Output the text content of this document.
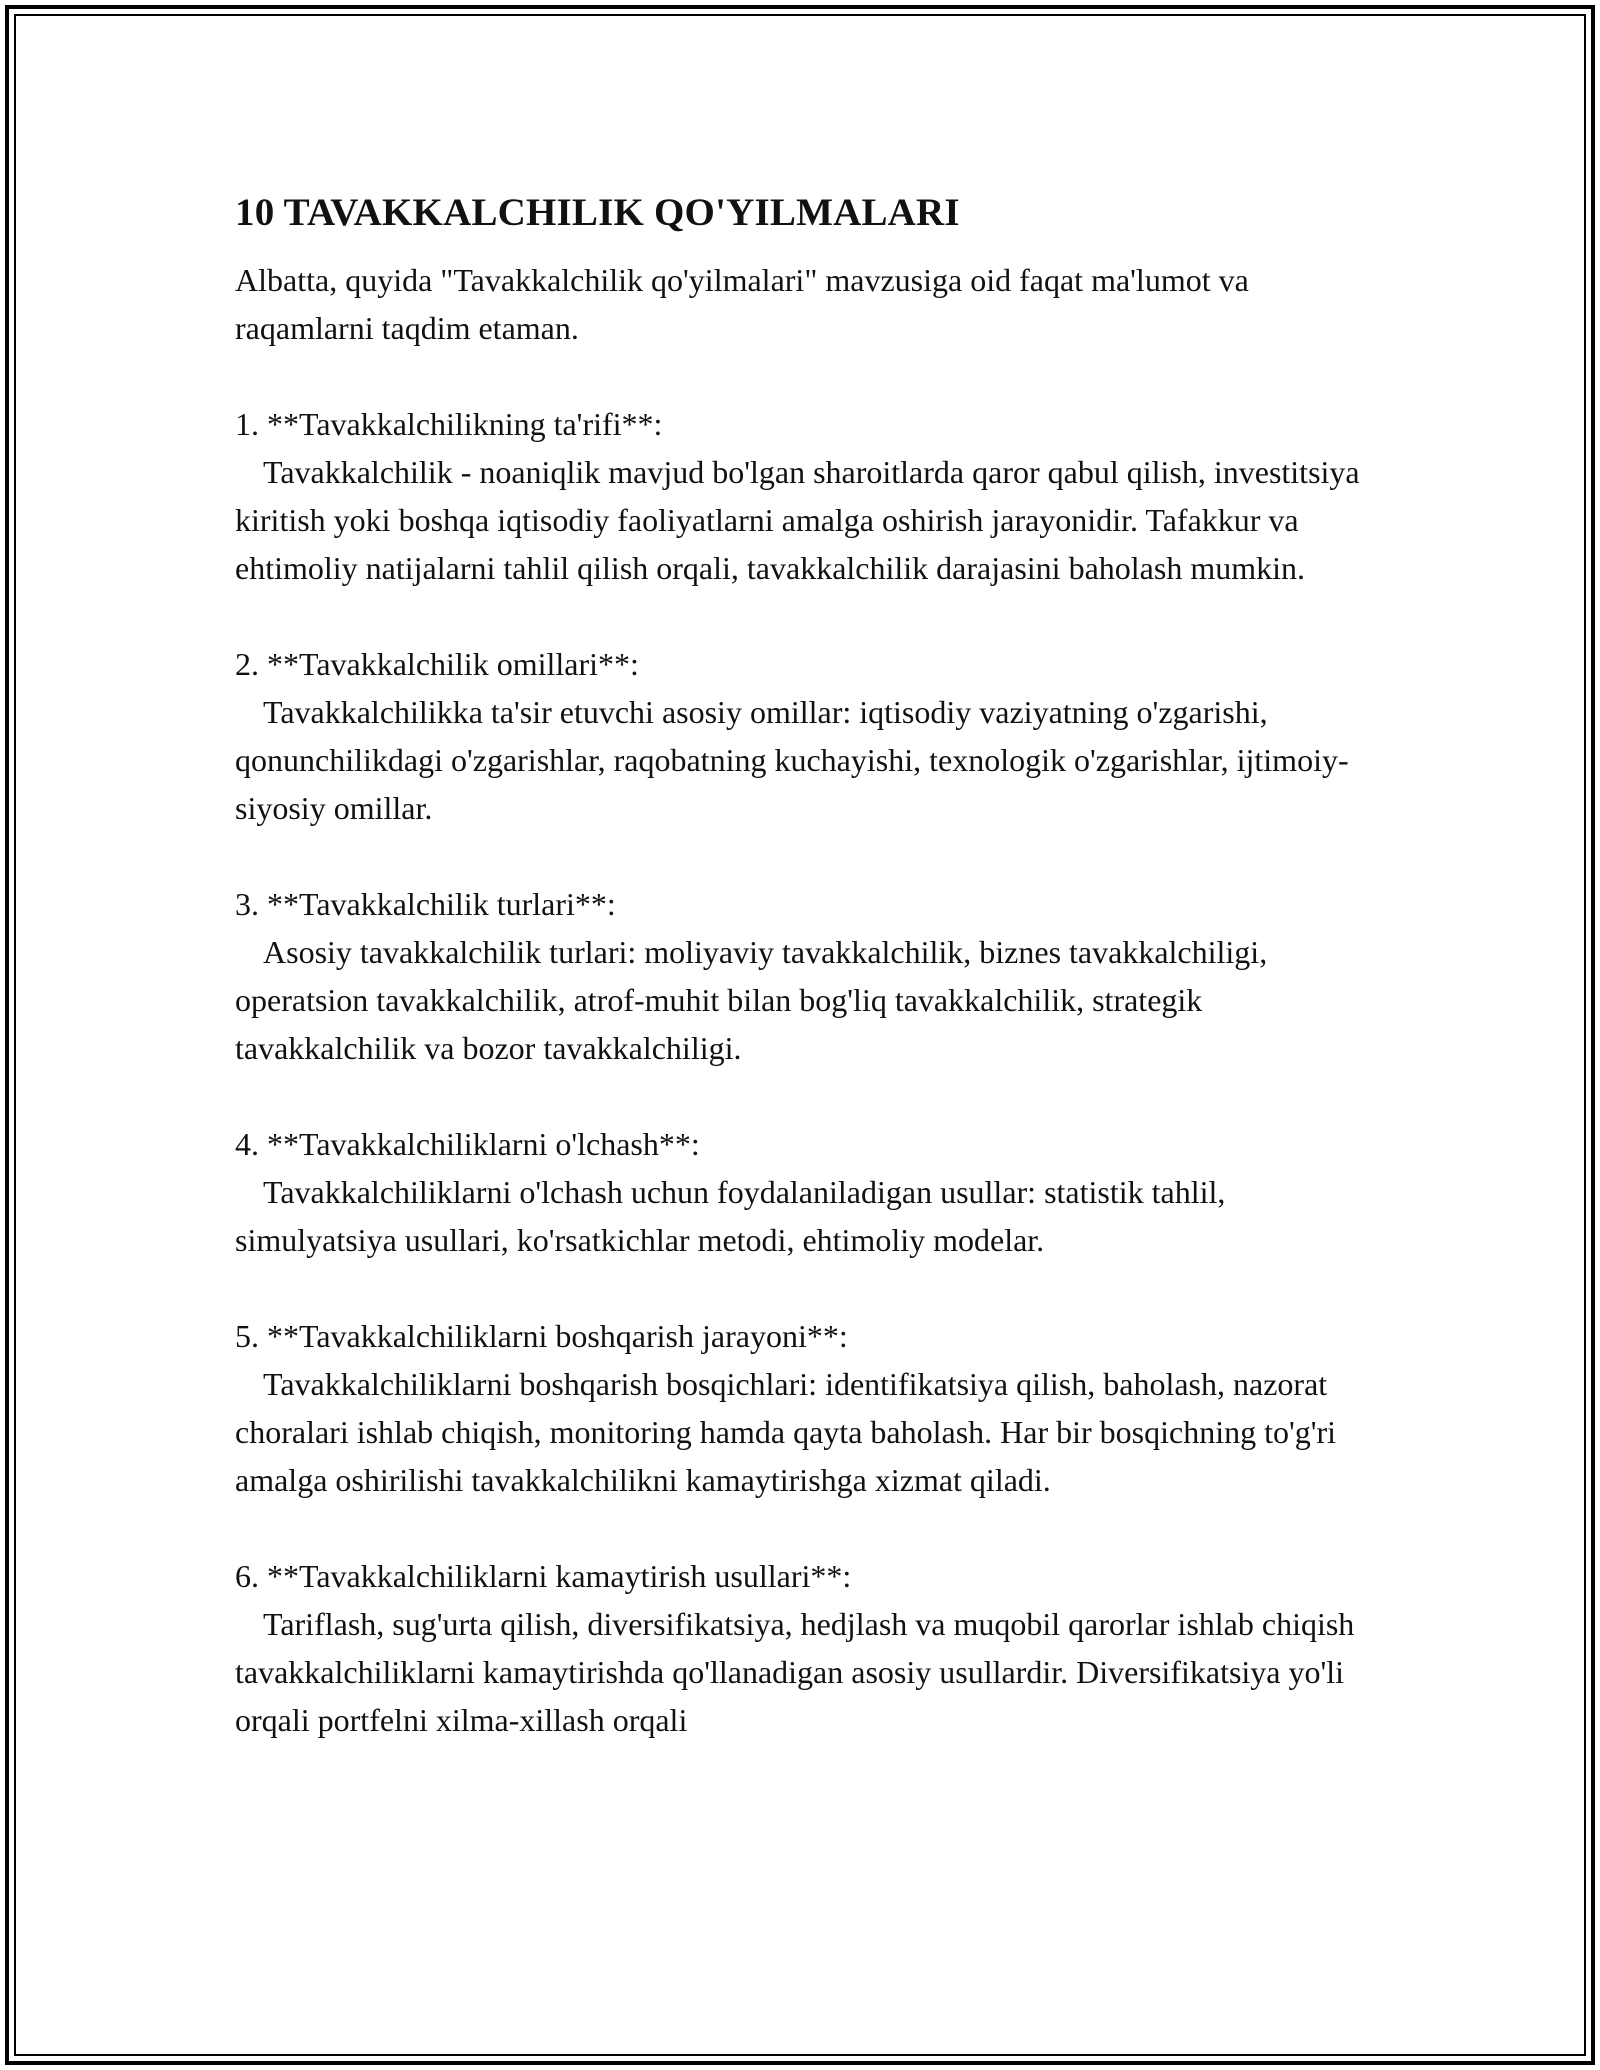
10 TAVAKKALCHILIK QO'YILMALARI

Albatta, quyida "Tavakkalchilik qo'yilmalari" mavzusiga oid faqat ma'lumot va raqamlarni taqdim etaman.

1. **Tavakkalchilikning ta'rifi**:
Tavakkalchilik - noaniqlik mavjud bo'lgan sharoitlarda qaror qabul qilish, investitsiya kiritish yoki boshqa iqtisodiy faoliyatlarni amalga oshirish jarayonidir. Tafakkur va ehtimoliy natijalarni tahlil qilish orqali, tavakkalchilik darajasini baholash mumkin.
2. **Tavakkalchilik omillari**:
Tavakkalchilikka ta'sir etuvchi asosiy omillar: iqtisodiy vaziyatning o'zgarishi, qonunchilikdagi o'zgarishlar, raqobatning kuchayishi, texnologik o'zgarishlar, ijtimoiy-siyosiy omillar.
3. **Tavakkalchilik turlari**:
Asosiy tavakkalchilik turlari: moliyaviy tavakkalchilik, biznes tavakkalchiligi, operatsion tavakkalchilik, atrof-muhit bilan bog'liq tavakkalchilik, strategik tavakkalchilik va bozor tavakkalchiligi.
4. **Tavakkalchiliklarni o'lchash**:
Tavakkalchiliklarni o'lchash uchun foydalaniladigan usullar: statistik tahlil, simulyatsiya usullari, ko'rsatkichlar metodi, ehtimoliy modelar.
5. **Tavakkalchiliklarni boshqarish jarayoni**:
Tavakkalchiliklarni boshqarish bosqichlari: identifikatsiya qilish, baholash, nazorat choralari ishlab chiqish, monitoring hamda qayta baholash. Har bir bosqichning to'g'ri amalga oshirilishi tavakkalchilikni kamaytirishga xizmat qiladi.
6. **Tavakkalchiliklarni kamaytirish usullari**:
Tariflash, sug'urta qilish, diversifikatsiya, hedjlash va muqobil qarorlar ishlab chiqish tavakkalchiliklarni kamaytirishda qo'llanadigan asosiy usullardir. Diversifikatsiya yo'li orqali portfelni xilma-xillash orqali
